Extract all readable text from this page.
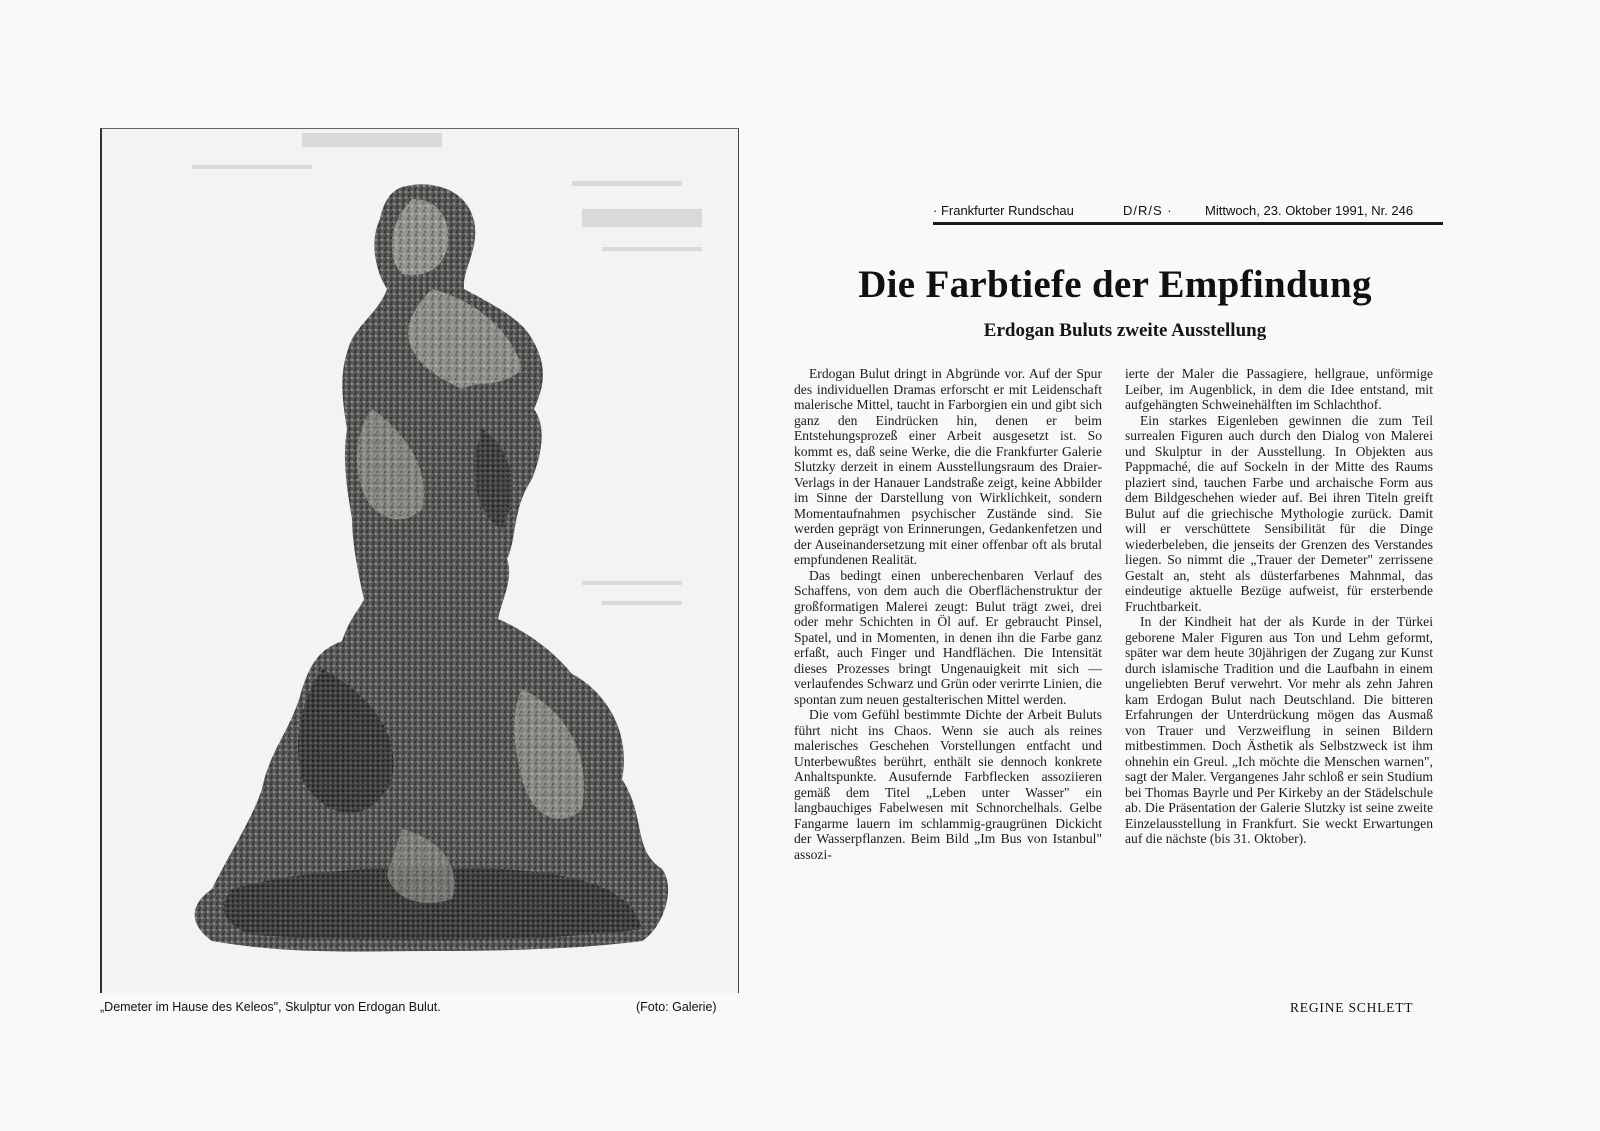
„Demeter im Hause des Keleos", Skulptur von Erdogan Bulut.	(Foto: Galerie)
· Frankfurter Rundschau	D/R/S · Mittwoch, 23. Oktober 1991, Nr. 246
Die Farbtiefe der Empfindung
Erdogan Buluts zweite Ausstellung

Erdogan Bulut dringt in Abgründe vor. Auf der Spur des individuellen Dramas erforscht er mit Leidenschaft malerische Mittel, taucht in Farborgien ein und gibt sich ganz den Eindrücken hin, denen er beim Entstehungsprozeß einer Arbeit ausgesetzt ist. So kommt es, daß seine Werke, die die Frankfurter Galerie Slutzky derzeit in einem Ausstellungsraum des Draier-Verlags in der Hanauer Landstraße zeigt, keine Abbilder im Sinne der Darstellung von Wirklichkeit, sondern Momentaufnahmen psychischer Zustände sind. Sie werden geprägt von Erinnerungen, Gedankenfetzen und der Auseinandersetzung mit einer offenbar oft als brutal empfundenen Realität.

Das bedingt einen unberechenbaren Verlauf des Schaffens, von dem auch die Oberflächenstruktur der großformatigen Malerei zeugt: Bulut trägt zwei, drei oder mehr Schichten in Öl auf. Er gebraucht Pinsel, Spatel, und in Momenten, in denen ihn die Farbe ganz erfaßt, auch Finger und Handflächen. Die Intensität dieses Prozesses bringt Ungenauigkeit mit sich — verlaufendes Schwarz und Grün oder verirrte Linien, die spontan zum neuen gestalterischen Mittel werden.

Die vom Gefühl bestimmte Dichte der Arbeit Buluts führt nicht ins Chaos. Wenn sie auch als reines malerisches Geschehen Vorstellungen entfacht und Unterbewußtes berührt, enthält sie dennoch konkrete Anhaltspunkte. Ausufernde Farbflecken assoziieren gemäß dem Titel „Leben unter Wasser" ein langbauchiges Fabelwesen mit Schnorchelhals. Gelbe Fangarme lauern im schlammig-graugrünen Dickicht der Wasserpflanzen. Beim Bild „Im Bus von Istanbul" assozi-

ierte der Maler die Passagiere, hellgraue, unförmige Leiber, im Augenblick, in dem die Idee entstand, mit aufgehängten Schweinehälften im Schlachthof.

Ein starkes Eigenleben gewinnen die zum Teil surrealen Figuren auch durch den Dialog von Malerei und Skulptur in der Ausstellung. In Objekten aus Pappmaché, die auf Sockeln in der Mitte des Raums plaziert sind, tauchen Farbe und archaische Form aus dem Bildgeschehen wieder auf. Bei ihren Titeln greift Bulut auf die griechische Mythologie zurück. Damit will er verschüttete Sensibilität für die Dinge wiederbeleben, die jenseits der Grenzen des Verstandes liegen. So nimmt die „Trauer der Demeter" zerrissene Gestalt an, steht als düsterfarbenes Mahnmal, das eindeutige aktuelle Bezüge aufweist, für ersterbende Fruchtbarkeit.

In der Kindheit hat der als Kurde in der Türkei geborene Maler Figuren aus Ton und Lehm geformt, später war dem heute 30jährigen der Zugang zur Kunst durch islamische Tradition und die Laufbahn in einem ungeliebten Beruf verwehrt. Vor mehr als zehn Jahren kam Erdogan Bulut nach Deutschland. Die bitteren Erfahrungen der Unterdrückung mögen das Ausmaß von Trauer und Verzweiflung in seinen Bildern mitbestimmen. Doch Ästhetik als Selbstzweck ist ihm ohnehin ein Greul. „Ich möchte die Menschen warnen", sagt der Maler. Vergangenes Jahr schloß er sein Studium bei Thomas Bayrle und Per Kirkeby an der Städelschule ab. Die Präsentation der Galerie Slutzky ist seine zweite Einzelausstellung in Frankfurt. Sie weckt Erwartungen auf die nächste (bis 31. Oktober).

REGINE SCHLETT
